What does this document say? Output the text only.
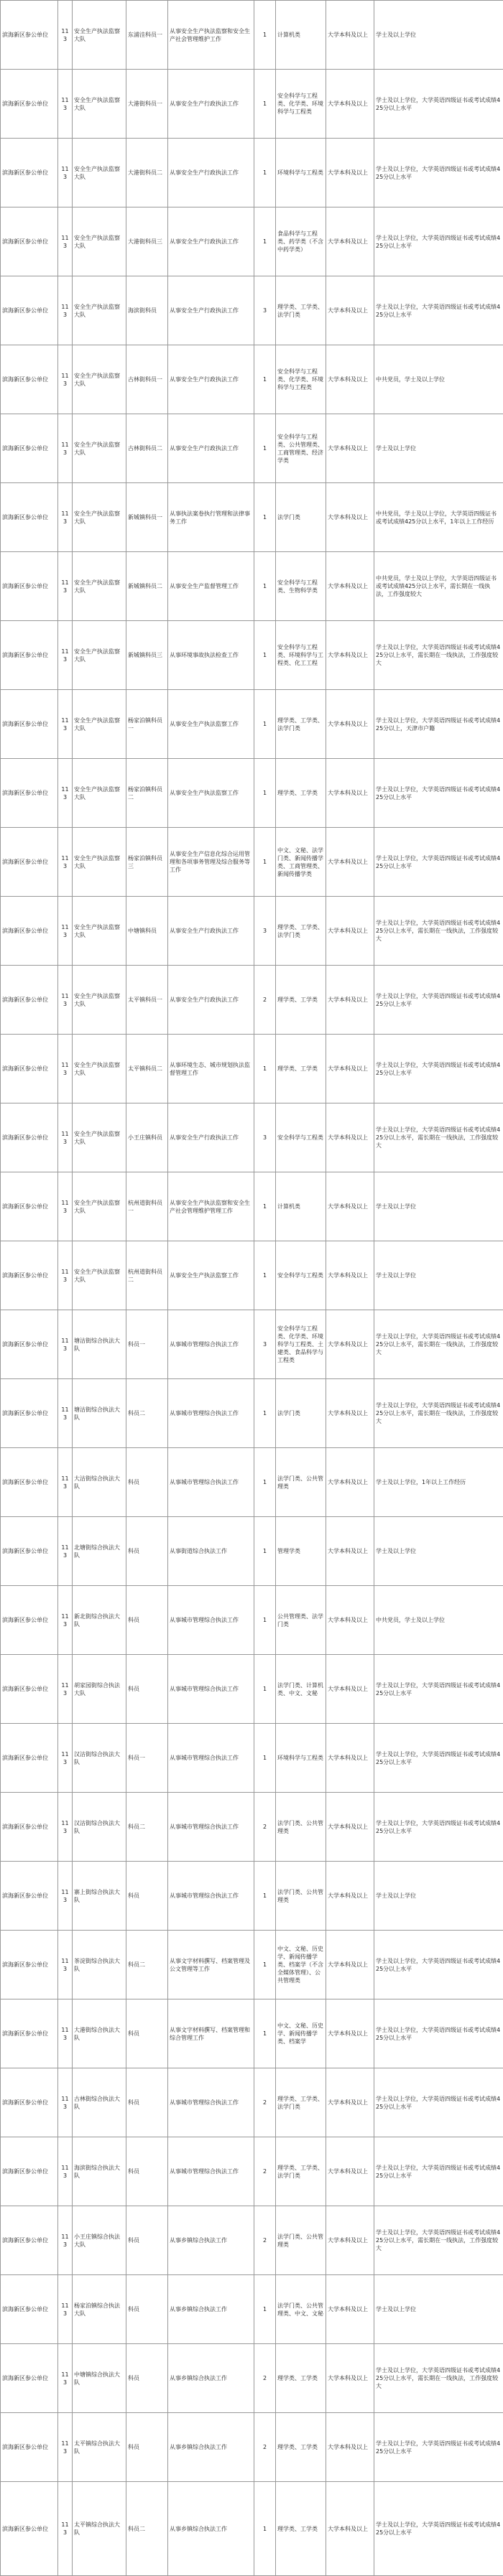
滨海新区参公单位	113	安全生产执法监察大队	东浦洼科员一	从事安全生产执法监察和安全生产社会管理维护工作	1	计算机类	大学本科及以上	学士及以上学位
滨海新区参公单位	113	安全生产执法监察大队	大港街科员一	从事安全生产行政执法工作	1	安全科学与工程类、化学类、环境科学与工程类	大学本科及以上	学士及以上学位，大学英语四级证书或考试成绩425分以上水平
滨海新区参公单位	113	安全生产执法监察大队	大港街科员二	从事安全生产行政执法工作	1	环境科学与工程类	大学本科及以上	学士及以上学位，大学英语四级证书或考试成绩425分以上水平
滨海新区参公单位	113	安全生产执法监察大队	大港街科员三	从事安全生产行政执法工作	1	食品科学与工程类、药学类（不含中药学类）	大学本科及以上	学士及以上学位，大学英语四级证书或考试成绩425分以上水平
滨海新区参公单位	113	安全生产执法监察大队	海滨街科员	从事安全生产行政执法工作	3	理学类、工学类、法学门类	大学本科及以上	学士及以上学位，大学英语四级证书或考试成绩425分以上水平
滨海新区参公单位	113	安全生产执法监察大队	古林街科员一	从事安全生产行政执法工作	1	安全科学与工程类、化学类、环境科学与工程类	大学本科及以上	中共党员，学士及以上学位
滨海新区参公单位	113	安全生产执法监察大队	古林街科员二	从事安全生产行政执法工作	1	安全科学与工程类、公共管理类、工商管理类、经济学类	大学本科及以上	学士及以上学位
滨海新区参公单位	113	安全生产执法监察大队	新城镇科员一	从事执法案卷执行管理和法律事务工作	1	法学门类	大学本科及以上	中共党员，学士及以上学位，大学英语四级证书或考试成绩425分以上水平，1年以上工作经历
滨海新区参公单位	113	安全生产执法监察大队	新城镇科员二	从事安全生产监督管理工作	1	安全科学与工程类、生物科学类	大学本科及以上	中共党员，学士及以上学位，大学英语四级证书或考试成绩425分以上水平，需长期在一线执法，工作强度较大
滨海新区参公单位	113	安全生产执法监察大队	新城镇科员三	从事环境事故执法检查工作	1	安全科学与工程类、环境科学与工程类、化工工程	大学本科及以上	学士及以上学位，大学英语四级证书或考试成绩425分以上水平，需长期在一线执法，工作强度较大
滨海新区参公单位	113	安全生产执法监察大队	杨家泊镇科员一	从事安全生产执法监察工作	1	理学类、工学类、法学门类	大学本科及以上	学士及以上学位，大学英语四级证书或考试成绩425分以上，天津市户籍
滨海新区参公单位	113	安全生产执法监察大队	杨家泊镇科员二	从事安全生产执法监察工作	1	理学类、工学类	大学本科及以上	学士及以上学位，大学英语四级证书或考试成绩425分以上水平
滨海新区参公单位	113	安全生产执法监察大队	杨家泊镇科员三	从事安全生产信息化综合运用管理和各项事务管理及综合服务等工作	1	中文、文秘、法学门类、新闻传播学类、工商管理类、新闻传播学类	大学本科及以上	学士及以上学位，大学英语四级证书或考试成绩425分以上水平
滨海新区参公单位	113	安全生产执法监察大队	中塘镇科员	从事安全生产行政执法工作	3	理学类、工学类、法学门类	大学本科及以上	学士及以上学位，大学英语四级证书或考试成绩425分以上水平，需长期在一线执法，工作强度较大
滨海新区参公单位	113	安全生产执法监察大队	太平镇科员一	从事安全生产行政执法工作	2	理学类、工学类	大学本科及以上	学士及以上学位，大学英语四级证书或考试成绩425分以上水平
滨海新区参公单位	113	安全生产执法监察大队	太平镇科员二	从事环境生态、城市规划执法监督管理工作	1	理学类、工学类	大学本科及以上	学士及以上学位，大学英语四级证书或考试成绩425分以上水平
滨海新区参公单位	113	安全生产执法监察大队	小王庄镇科员	从事安全生产行政执法工作	3	安全科学与工程类	大学本科及以上	学士及以上学位，大学英语四级证书或考试成绩425分以上水平，需长期在一线执法，工作强度较大
滨海新区参公单位	113	安全生产执法监察大队	杭州道街科员一	从事安全生产执法监察和安全生产社会管理维护管理工作	1	计算机类	大学本科及以上	学士及以上学位
滨海新区参公单位	113	安全生产执法监察大队	杭州道街科员二	从事安全生产执法监察工作	1	安全科学与工程类	大学本科及以上	学士及以上学位
滨海新区参公单位	113	塘沽街综合执法大队	科员一	从事城市管理综合执法工作	3	安全科学与工程类、化学类、环境科学与工程类、土建类、食品科学与工程类	大学本科及以上	学士及以上学位，大学英语四级证书或考试成绩425分以上水平，需长期在一线执法，工作强度较大
滨海新区参公单位	113	塘沽街综合执法大队	科员二	从事城市管理综合执法工作	1	法学门类	大学本科及以上	学士及以上学位，大学英语四级证书或考试成绩425分以上水平，需长期在一线执法，工作强度较大
滨海新区参公单位	113	大沽街综合执法大队	科员	从事城市管理综合执法工作	1	法学门类、公共管理类	大学本科及以上	学士及以上学位，1年以上工作经历
滨海新区参公单位	113	北塘街综合执法大队	科员	从事街道综合执法工作	1	管理学类	大学本科及以上	学士及以上学位
滨海新区参公单位	113	新北街综合执法大队	科员	从事城市管理综合执法工作	1	公共管理类、法学门类	大学本科及以上	中共党员，学士及以上学位
滨海新区参公单位	113	胡家园街综合执法大队	科员	从事城市管理综合执法工作	1	法学门类、计算机类、中文、文秘	大学本科及以上	学士及以上学位，大学英语四级证书或考试成绩425分以上水平
滨海新区参公单位	113	汉沽街综合执法大队	科员一	从事城市管理综合执法工作	1	环境科学与工程类	大学本科及以上	学士及以上学位，大学英语四级证书或考试成绩425分以上水平
滨海新区参公单位	113	汉沽街综合执法大队	科员二	从事城市管理综合执法工作	2	法学门类、公共管理类	大学本科及以上	学士及以上学位，大学英语四级证书或考试成绩425分以上水平
滨海新区参公单位	113	寨上街综合执法大队	科员	从事城市管理综合执法工作	1	法学门类、公共管理类	大学本科及以上	学士及以上学位
滨海新区参公单位	113	茶淀街综合执法大队	科员二	从事文字材料撰写、档案管理及公文管理等工作	1	中文、文秘、历史学、新闻传播学类、档案学（不含全媒体管理）、公共管理类	大学本科及以上	学士及以上学位，大学英语四级证书或考试成绩425分以上水平
滨海新区参公单位	113	大港街综合执法大队	科员	从事文字材料撰写、档案管理和综合管理工作	1	中文、文秘、历史学、新闻传播学类、档案学	大学本科及以上	学士及以上学位，大学英语四级证书或考试成绩425分以上水平
滨海新区参公单位	113	古林街综合执法大队	科员	从事城市管理综合执法工作	2	理学类、工学类、法学门类	大学本科及以上	学士及以上学位，大学英语四级证书或考试成绩425分以上水平
滨海新区参公单位	113	海滨街综合执法大队	科员	从事城市管理综合执法工作	2	理学类、工学类、法学门类	大学本科及以上	学士及以上学位，大学英语四级证书或考试成绩425分以上水平
滨海新区参公单位	113	小王庄镇综合执法大队	科员	从事乡镇综合执法工作	2	法学门类、公共管理类	大学本科及以上	学士及以上学位，大学英语四级证书或考试成绩425分以上水平，需长期在一线执法，工作强度较大
滨海新区参公单位	113	杨家泊镇综合执法大队	科员	从事乡镇综合执法工作	1	法学门类、公共管理类、中文、文秘	大学本科及以上	学士及以上学位
滨海新区参公单位	113	中塘镇综合执法大队	科员	从事乡镇综合执法工作	2	理学类、工学类	大学本科及以上	学士及以上学位，大学英语四级证书或考试成绩425分以上水平，需长期在一线执法，工作强度较大
滨海新区参公单位	113	太平镇综合执法大队	科员	从事乡镇综合执法工作	2	理学类、工学类	大学本科及以上	学士及以上学位，大学英语四级证书或考试成绩425分以上水平
滨海新区参公单位	113	太平镇综合执法大队	科员二	从事乡镇综合执法工作	1	理学类、工学类	大学本科及以上	学士及以上学位，大学英语四级证书或考试成绩425分以上水平
